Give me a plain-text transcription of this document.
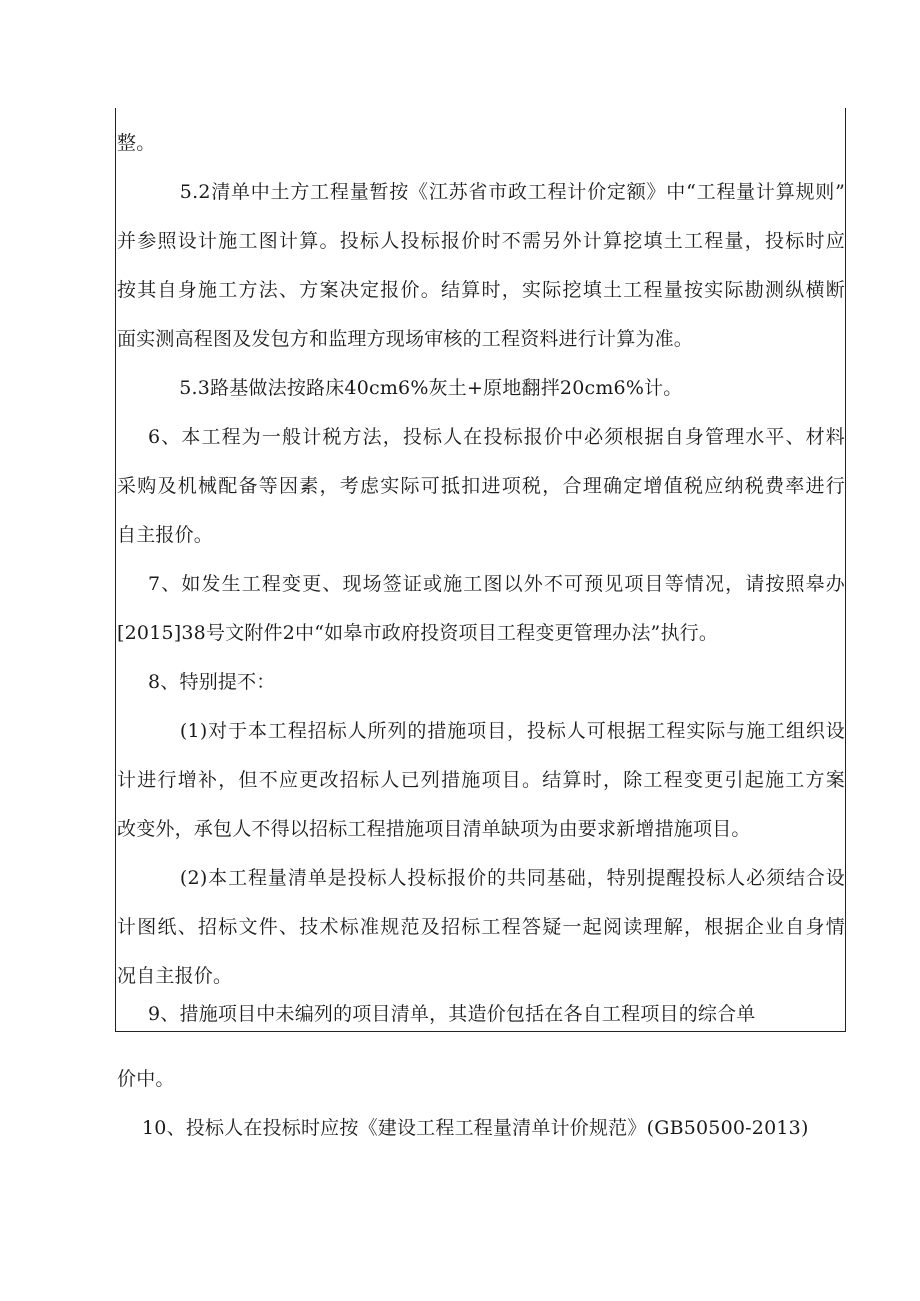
整。
　5.2清单中土方工程量暂按《江苏省市政工程计价定额》中“工程量计算规则”
并参照设计施工图计算。投标人投标报价时不需另外计算挖填土工程量，投标时应
按其自身施工方法、方案决定报价。结算时，实际挖填土工程量按实际勘测纵横断
面实测高程图及发包方和监理方现场审核的工程资料进行计算为准。
　5.3路基做法按路床40cm6%灰土+原地翻拌20cm6%计。
6、本工程为一般计税方法，投标人在投标报价中必须根据自身管理水平、材料
采购及机械配备等因素，考虑实际可抵扣进项税，合理确定增值税应纳税费率进行
自主报价。
7、如发生工程变更、现场签证或施工图以外不可预见项目等情况，请按照皋办
[2015]38号文附件2中“如皋市政府投资项目工程变更管理办法”执行。
8、特别提不：
　(1)对于本工程招标人所列的措施项目，投标人可根据工程实际与施工组织设
计进行增补，但不应更改招标人已列措施项目。结算时，除工程变更引起施工方案
改变外，承包人不得以招标工程措施项目清单缺项为由要求新增措施项目。
　(2)本工程量清单是投标人投标报价的共同基础，特别提醒投标人必须结合设
计图纸、招标文件、技术标准规范及招标工程答疑一起阅读理解，根据企业自身情
况自主报价。
9、措施项目中未编列的项目清单，其造价包括在各自工程项目的综合单
价中。
10、投标人在投标时应按《建设工程工程量清单计价规范》(GB50500-2013)
